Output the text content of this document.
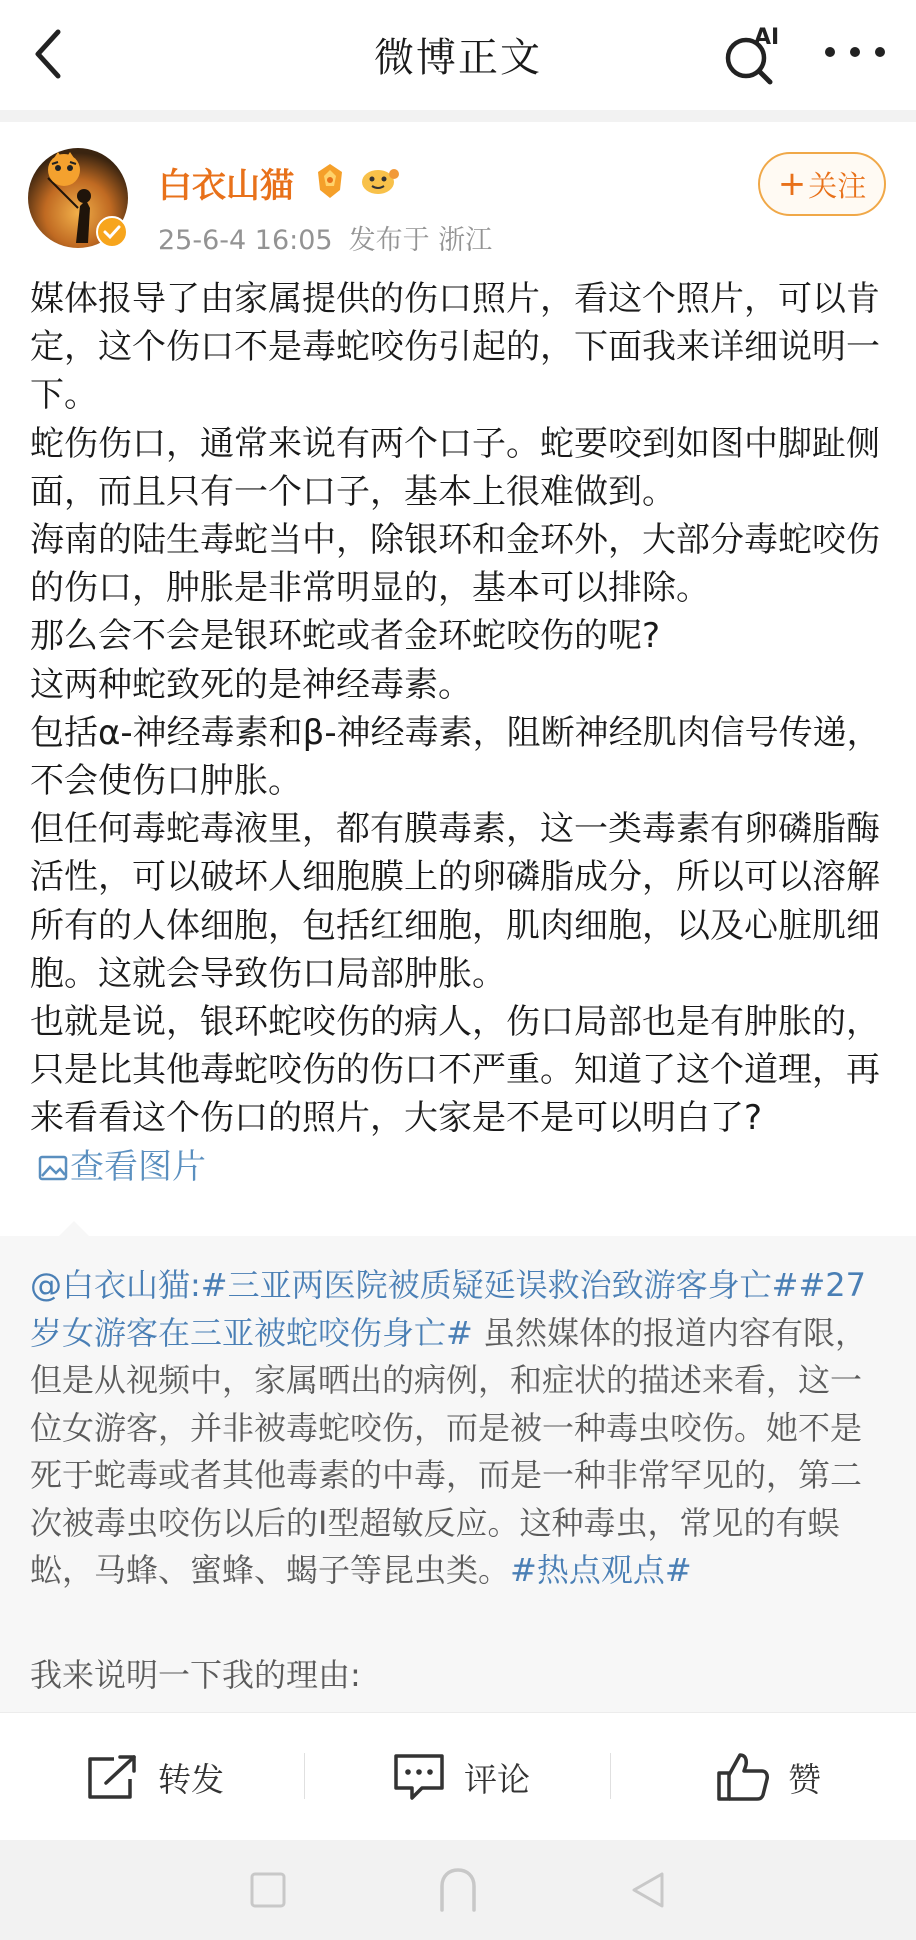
微博正文	AI
白衣山猫
25-6-4 16:05 发布于 浙江
+ 关注

媒体报导了由家属提供的伤口照片，看这个照片，可以肯定，这个伤口不是毒蛇咬伤引起的，下面我来详细说明一下。

蛇伤伤口，通常来说有两个口子。蛇要咬到如图中脚趾侧面，而且只有一个口子，基本上很难做到。

海南的陆生毒蛇当中，除银环和金环外，大部分毒蛇咬伤的伤口，肿胀是非常明显的，基本可以排除。

那么会不会是银环蛇或者金环蛇咬伤的呢?

这两种蛇致死的是神经毒素。

包括α-神经毒素和β-神经毒素，阻断神经肌肉信号传递，不会使伤口肿胀。

但任何毒蛇毒液里，都有膜毒素，这一类毒素有卵磷脂酶活性，可以破坏人细胞膜上的卵磷脂成分，所以可以溶解所有的人体细胞，包括红细胞，肌肉细胞，以及心脏肌细胞。这就会导致伤口局部肿胀。

也就是说，银环蛇咬伤的病人，伤口局部也是有肿胀的，只是比其他毒蛇咬伤的伤口不严重。知道了这个道理，再来看看这个伤口的照片，大家是不是可以明白了?查看图片

@白衣山猫:#三亚两医院被质疑延误救治致游客身亡##27岁女游客在三亚被蛇咬伤身亡# 虽然媒体的报道内容有限，但是从视频中，家属晒出的病例，和症状的描述来看，这一位女游客，并非被毒蛇咬伤，而是被一种毒虫咬伤。她不是死于蛇毒或者其他毒素的中毒，而是一种非常罕见的，第二次被毒虫咬伤以后的I型超敏反应。这种毒虫，常见的有蜈蚣，马蜂、蜜蜂、蝎子等昆虫类。#热点观点#
我来说明一下我的理由:
转发	评论	赞
